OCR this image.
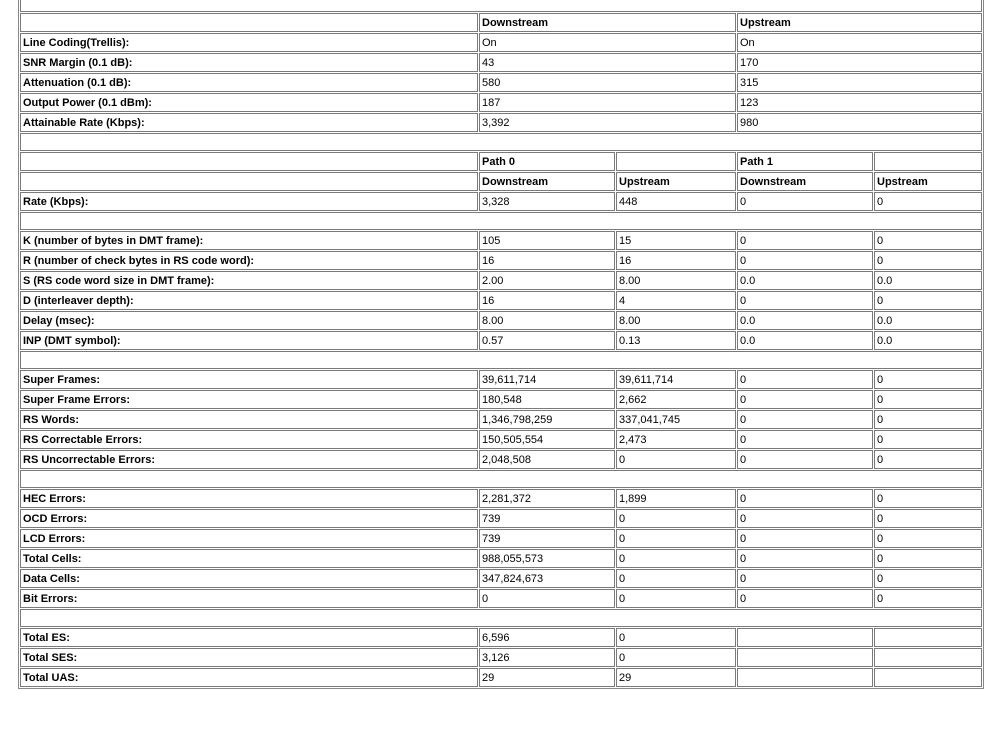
	Downstream		Upstream	
Line Coding(Trellis):	On		On	
SNR Margin (0.1 dB):	43		170	
Attenuation (0.1 dB):	580		315	
Output Power (0.1 dBm):	187		123	
Attainable Rate (Kbps):	3,392		980	

	Path 0		Path 1	
	Downstream	Upstream	Downstream	Upstream
Rate (Kbps):	3,328	448	0	0

K (number of bytes in DMT frame):	105	15	0	0
R (number of check bytes in RS code word):	16	16	0	0
S (RS code word size in DMT frame):	2.00	8.00	0.0	0.0
D (interleaver depth):	16	4	0	0
Delay (msec):	8.00	8.00	0.0	0.0
INP (DMT symbol):	0.57	0.13	0.0	0.0

Super Frames:	39,611,714	39,611,714	0	0
Super Frame Errors:	180,548	2,662	0	0
RS Words:	1,346,798,259	337,041,745	0	0
RS Correctable Errors:	150,505,554	2,473	0	0
RS Uncorrectable Errors:	2,048,508	0	0	0

HEC Errors:	2,281,372	1,899	0	0
OCD Errors:	739	0	0	0
LCD Errors:	739	0	0	0
Total Cells:	988,055,573	0	0	0
Data Cells:	347,824,673	0	0	0
Bit Errors:	0	0	0	0

Total ES:	6,596	0		
Total SES:	3,126	0		
Total UAS:	29	29		
